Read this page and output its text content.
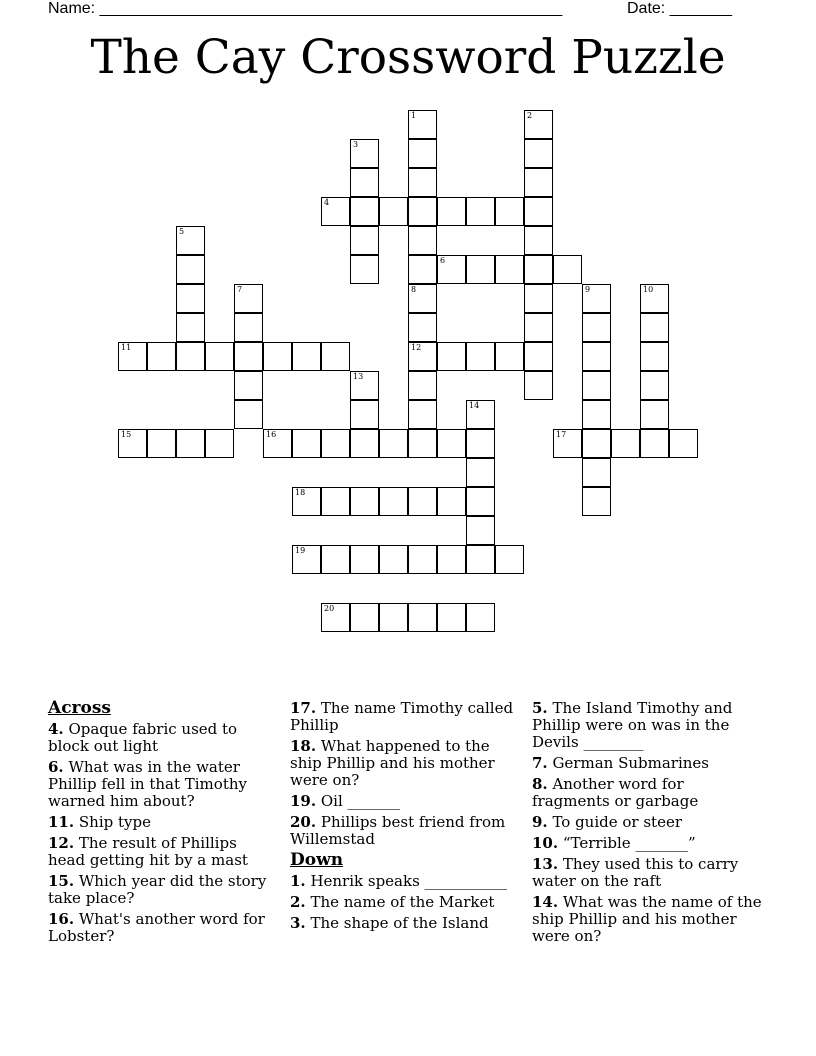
Name: ____________________________________________________	Date: _______
The Cay Crossword Puzzle
1	2
3
4
5
6
7	8
12
9	10
11
13
14
15	16	17
18
19
20
Across
4. Opaque fabric used to block out light
6. What was in the water Phillip fell in that Timothy warned him about?
11. Ship type
12. The result of Phillips head getting hit by a mast
15. Which year did the story take place?
16. What's another word for Lobster?
17. The name Timothy called Phillip
18. What happened to the ship Phillip and his mother were on?
19. Oil _______
20. Phillips best friend from Willemstad
Down
1. Henrik speaks ___________
2. The name of the Market
3. The shape of the Island
5. The Island Timothy and Phillip were on was in the Devils ________
7. German Submarines
8. Another word for fragments or garbage
9. To guide or steer
10. “Terrible _______”
13. They used this to carry water on the raft
14. What was the name of the ship Phillip and his mother were on?
